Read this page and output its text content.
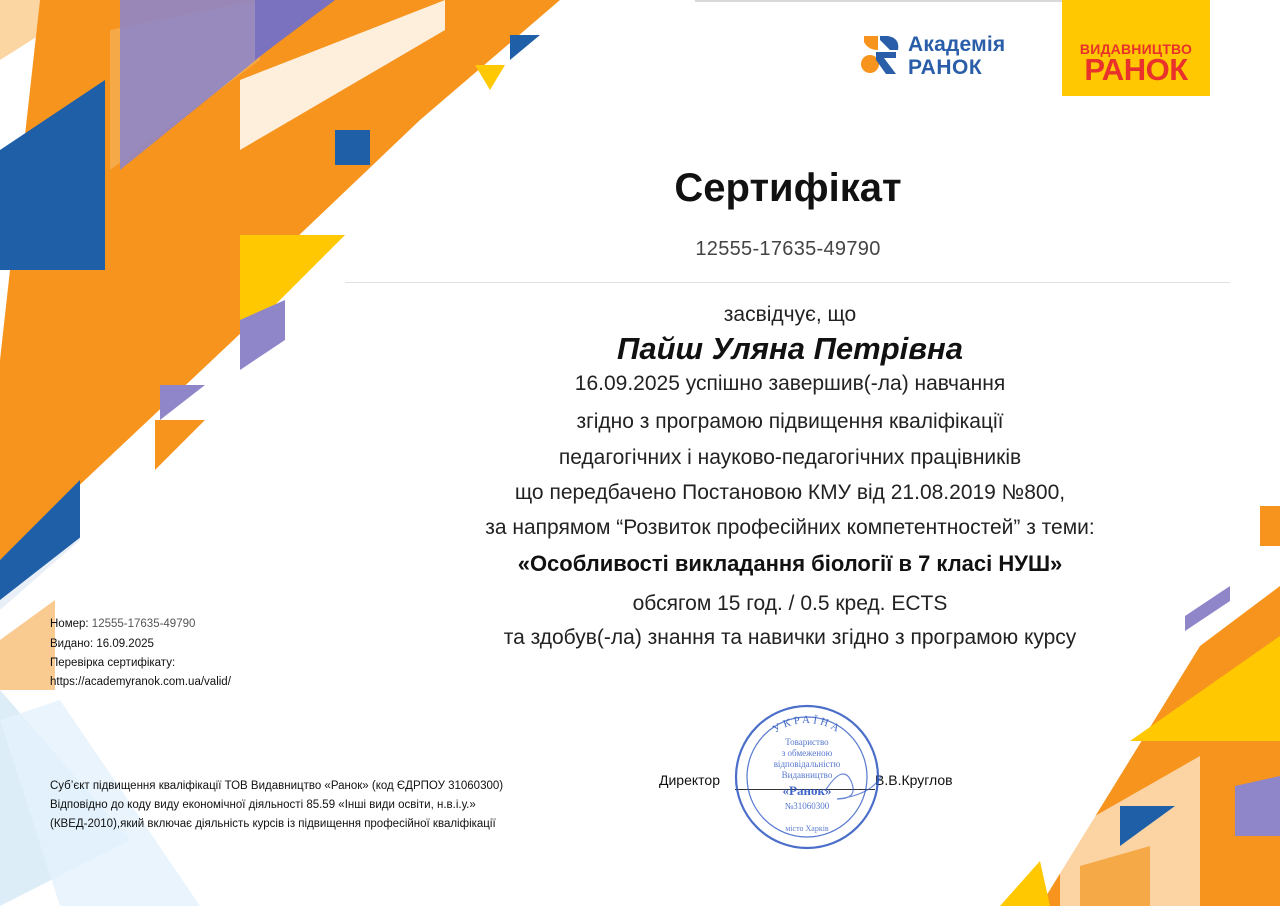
Академія
РАНОК
ВИДАВНИЦТВО
РАНОК
Сертифікат
12555-17635-49790
засвідчує, що
Пайш Уляна Петрівна
16.09.2025 успішно завершив(-ла) навчання
згідно з програмою підвищення кваліфікації
педагогічних і науково-педагогічних працівників
що передбачено Постановою КМУ від 21.08.2019 №800,
за напрямом “Розвиток професійних компетентностей” з теми:
«Особливості викладання біології в 7 класі НУШ»
обсягом 15 год. / 0.5 кред. ECTS
та здобув(-ла) знання та навички згідно з програмою курсу
Номер: 12555-17635-49790
Видано: 16.09.2025
Перевірка сертифікату:
https://academyranok.com.ua/valid/
Суб’єкт підвищення кваліфікації ТОВ Видавництво «Ранок» (код ЄДРПОУ 31060300)
Відповідно до коду виду економічної діяльності 85.59 «Інші види освіти, н.в.і.у.»
(КВЕД-2010),який включає діяльність курсів із підвищення професійної кваліфікації
Директор	В.В.Круглов
УКРАЇНА
Товариство
з обмеженою
відповідальністю
Видавництво
«Ранок»
№31060300
місто Харків
